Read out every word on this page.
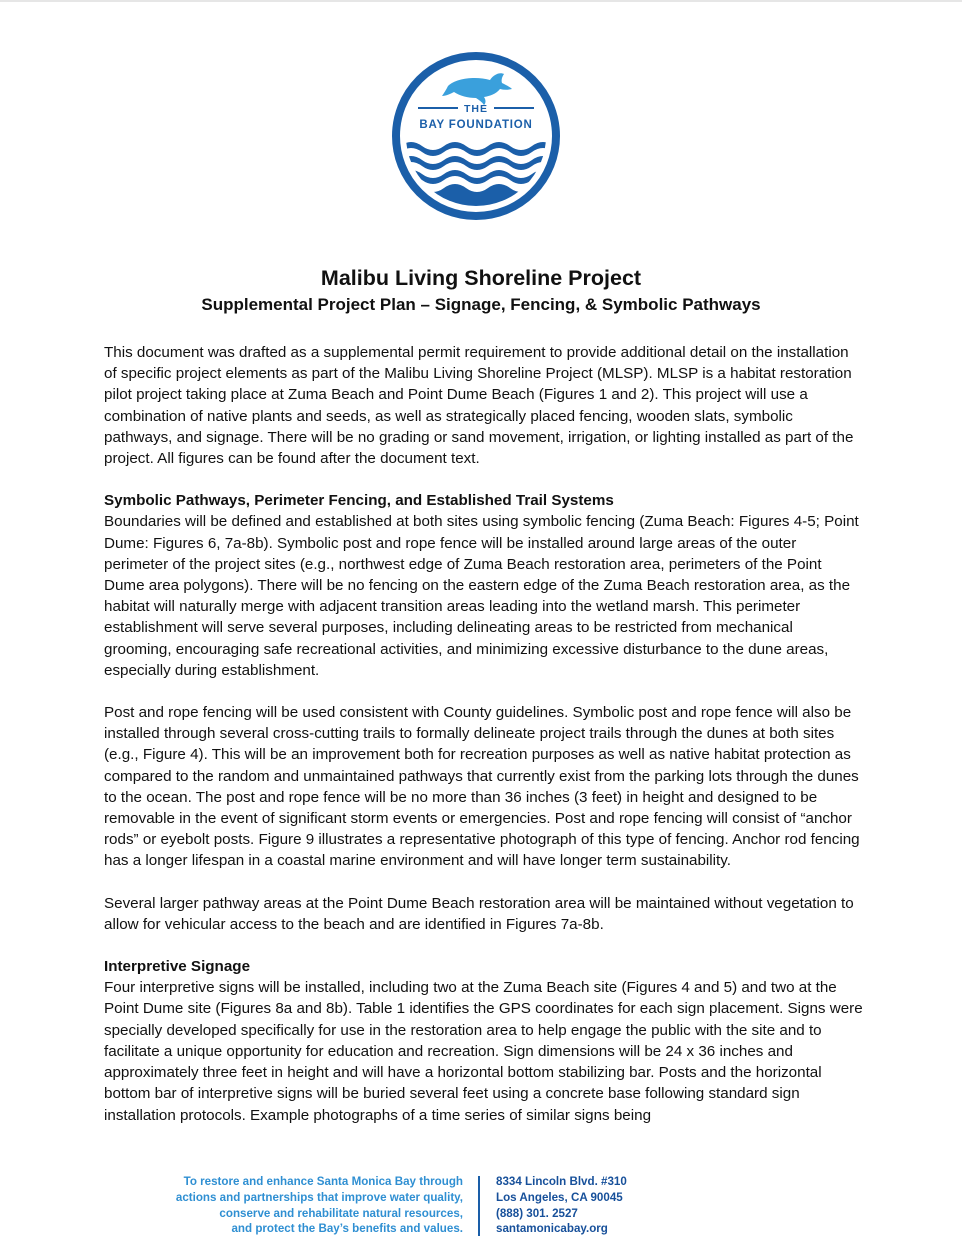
THE
BAY FOUNDATION
Malibu Living Shoreline Project
Supplemental Project Plan – Signage, Fencing, & Symbolic Pathways

This document was drafted as a supplemental permit requirement to provide additional detail on the installation of specific project elements as part of the Malibu Living Shoreline Project (MLSP). MLSP is a habitat restoration pilot project taking place at Zuma Beach and Point Dume Beach (Figures 1 and 2). This project will use a combination of native plants and seeds, as well as strategically placed fencing, wooden slats, symbolic pathways, and signage. There will be no grading or sand movement, irrigation, or lighting installed as part of the project. All figures can be found after the document text.

Symbolic Pathways, Perimeter Fencing, and Established Trail Systems

Boundaries will be defined and established at both sites using symbolic fencing (Zuma Beach: Figures 4-5; Point Dume: Figures 6, 7a-8b). Symbolic post and rope fence will be installed around large areas of the outer perimeter of the project sites (e.g., northwest edge of Zuma Beach restoration area, perimeters of the Point Dume area polygons). There will be no fencing on the eastern edge of the Zuma Beach restoration area, as the habitat will naturally merge with adjacent transition areas leading into the wetland marsh. This perimeter establishment will serve several purposes, including delineating areas to be restricted from mechanical grooming, encouraging safe recreational activities, and minimizing excessive disturbance to the dune areas, especially during establishment.

Post and rope fencing will be used consistent with County guidelines. Symbolic post and rope fence will also be installed through several cross-cutting trails to formally delineate project trails through the dunes at both sites (e.g., Figure 4). This will be an improvement both for recreation purposes as well as native habitat protection as compared to the random and unmaintained pathways that currently exist from the parking lots through the dunes to the ocean. The post and rope fence will be no more than 36 inches (3 feet) in height and designed to be removable in the event of significant storm events or emergencies. Post and rope fencing will consist of “anchor rods” or eyebolt posts. Figure 9 illustrates a representative photograph of this type of fencing. Anchor rod fencing has a longer lifespan in a coastal marine environment and will have longer term sustainability.

Several larger pathway areas at the Point Dume Beach restoration area will be maintained without vegetation to allow for vehicular access to the beach and are identified in Figures 7a-8b.

Interpretive Signage

Four interpretive signs will be installed, including two at the Zuma Beach site (Figures 4 and 5) and two at the Point Dume site (Figures 8a and 8b). Table 1 identifies the GPS coordinates for each sign placement. Signs were specially developed specifically for use in the restoration area to help engage the public with the site and to facilitate a unique opportunity for education and recreation. Sign dimensions will be 24 x 36 inches and approximately three feet in height and will have a horizontal bottom stabilizing bar. Posts and the horizontal bottom bar of interpretive signs will be buried several feet using a concrete base following standard sign installation protocols. Example photographs of a time series of similar signs being

To restore and enhance Santa Monica Bay through
actions and partnerships that improve water quality,
conserve and rehabilitate natural resources,
and protect the Bay’s benefits and values.
8334 Lincoln Blvd. #310
Los Angeles, CA 90045
(888) 301. 2527
santamonicabay.org
